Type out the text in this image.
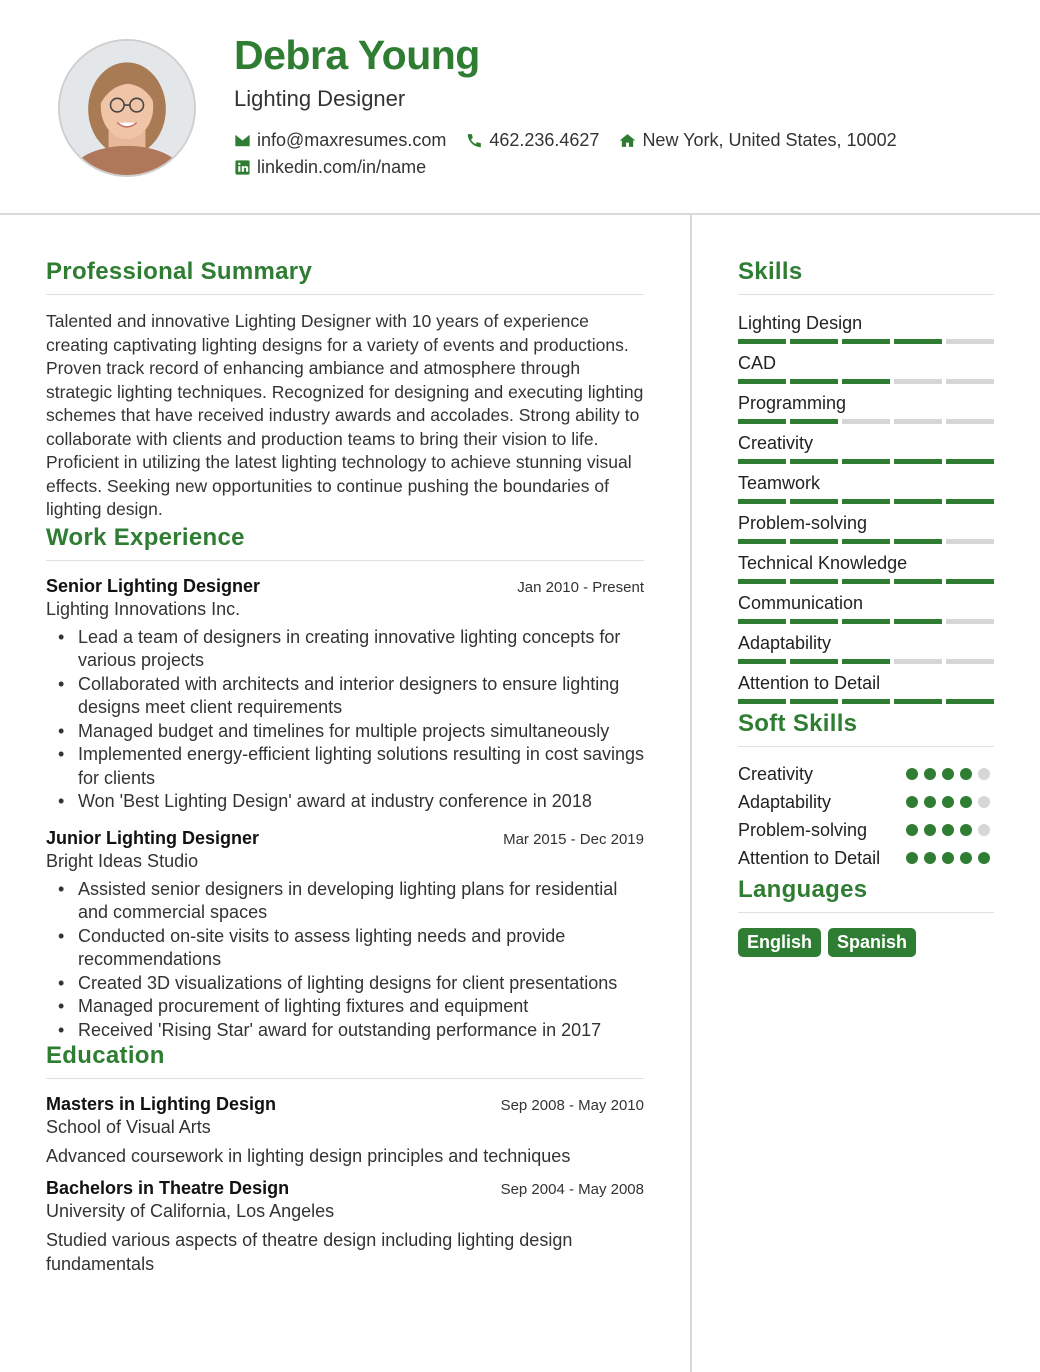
Debra Young
Lighting Designer
info@maxresumes.com 462.236.4627 New York, United States, 10002
linkedin.com/in/name
Professional Summary

Talented and innovative Lighting Designer with 10 years of experience creating captivating lighting designs for a variety of events and productions. Proven track record of enhancing ambiance and atmosphere through strategic lighting techniques. Recognized for designing and executing lighting schemes that have received industry awards and accolades. Strong ability to collaborate with clients and production teams to bring their vision to life. Proficient in utilizing the latest lighting technology to achieve stunning visual effects. Seeking new opportunities to continue pushing the boundaries of lighting design.

Work Experience
Senior Lighting Designer	Jan 2010 - Present
Lighting Innovations Inc.
• Lead a team of designers in creating innovative lighting concepts for various projects
• Collaborated with architects and interior designers to ensure lighting designs meet client requirements
• Managed budget and timelines for multiple projects simultaneously
• Implemented energy-efficient lighting solutions resulting in cost savings for clients
• Won 'Best Lighting Design' award at industry conference in 2018
Junior Lighting Designer	Mar 2015 - Dec 2019
Bright Ideas Studio
• Assisted senior designers in developing lighting plans for residential and commercial spaces
• Conducted on-site visits to assess lighting needs and provide recommendations
• Created 3D visualizations of lighting designs for client presentations
• Managed procurement of lighting fixtures and equipment
• Received 'Rising Star' award for outstanding performance in 2017
Education
Masters in Lighting Design	Sep 2008 - May 2010
School of Visual Arts
Advanced coursework in lighting design principles and techniques
Bachelors in Theatre Design	Sep 2004 - May 2008
University of California, Los Angeles
Studied various aspects of theatre design including lighting design fundamentals
Skills
Lighting Design
CAD
Programming
Creativity
Teamwork
Problem-solving
Technical Knowledge
Communication
Adaptability
Attention to Detail
Soft Skills
Creativity
Adaptability
Problem-solving
Attention to Detail
Languages
English	Spanish
